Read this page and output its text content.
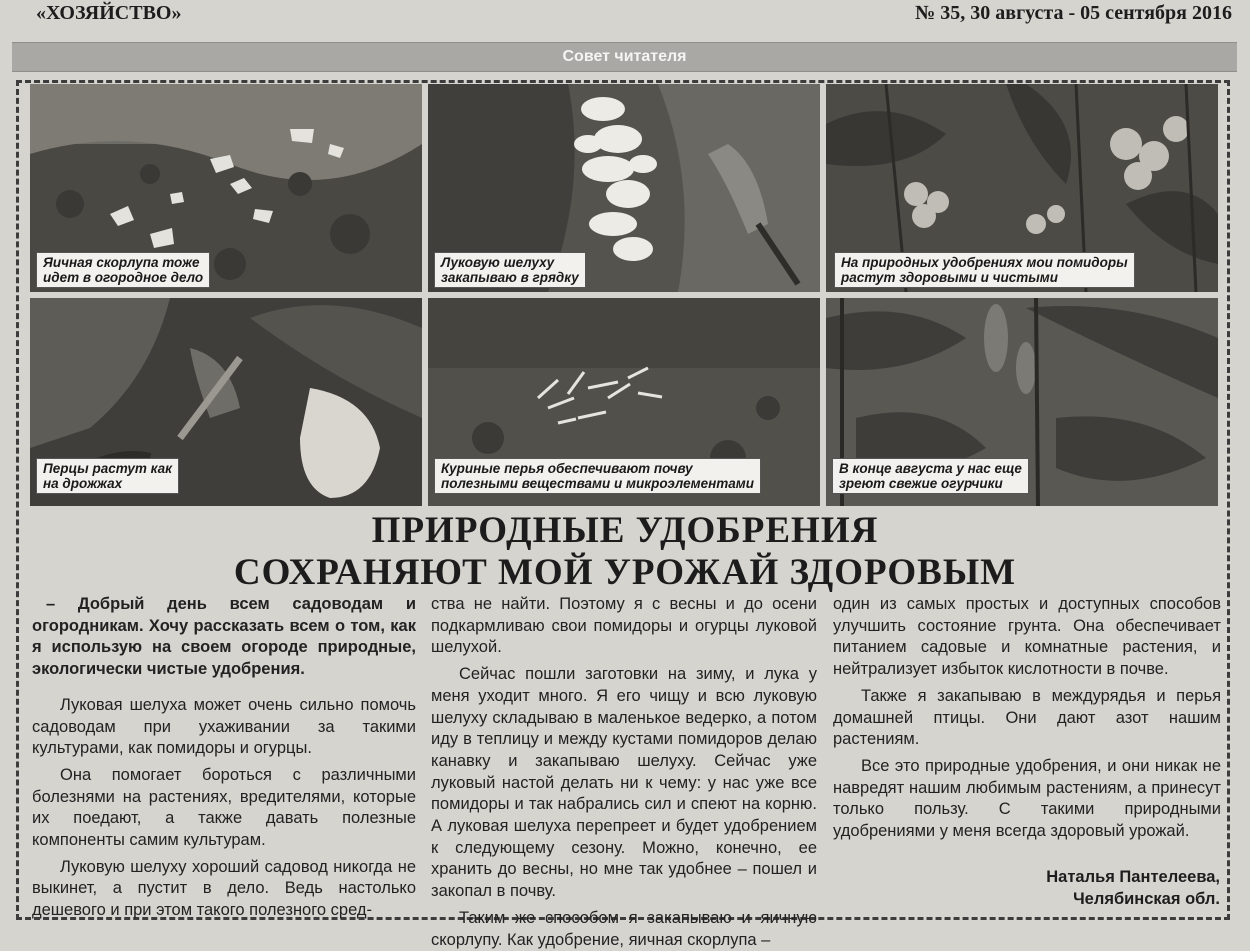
«ХОЗЯЙСТВО»	№ 35, 30 августа - 05 сентября 2016
Совет читателя
Яичная скорлупа тоже
идет в огородное дело
Луковую шелуху
закапываю в грядку
На природных удобрениях мои помидоры
растут здоровыми и чистыми
Перцы растут как
на дрожжах
Куриные перья обеспечивают почву
полезными веществами и микроэлементами
В конце августа у нас еще
зреют свежие огурчики
ПРИРОДНЫЕ УДОБРЕНИЯ
СОХРАНЯЮТ МОЙ УРОЖАЙ ЗДОРОВЫМ

– Добрый день всем садоводам и огородникам. Хочу рассказать всем о том, как я использую на своем огороде природные, экологически чистые удобрения.

Луковая шелуха может очень сильно помочь садоводам при ухаживании за такими культурами, как помидоры и огурцы.

Она помогает бороться с различными болезнями на растениях, вредителями, которые их поедают, а также давать полезные компоненты самим культурам.

Луковую шелуху хороший садовод никогда не выкинет, а пустит в дело. Ведь настолько дешевого и при этом такого полезного сред-

ства не найти. Поэтому я с весны и до осени подкармливаю свои помидоры и огурцы луковой шелухой.

Сейчас пошли заготовки на зиму, и лука у меня уходит много. Я его чищу и всю луковую шелуху складываю в маленькое ведерко, а потом иду в теплицу и между кустами помидоров делаю канавку и закапываю шелуху. Сейчас уже луковый настой делать ни к чему: у нас уже все помидоры и так набрались сил и спеют на корню. А луковая шелуха перепреет и будет удобрением к следующему сезону. Можно, конечно, ее хранить до весны, но мне так удобнее – пошел и закопал в почву.

Таким же способом я закапываю и яичную скорлупу. Как удобрение, яичная скорлупа –

один из самых простых и доступных способов улучшить состояние грунта. Она обеспечивает питанием садовые и комнатные растения, и нейтрализует избыток кислотности в почве.

Также я закапываю в междурядья и перья домашней птицы. Они дают азот нашим растениям.

Все это природные удобрения, и они никак не навредят нашим любимым растениям, а принесут только пользу. С такими природными удобрениями у меня всегда здоровый урожай.

Наталья Пантелеева,
Челябинская обл.
